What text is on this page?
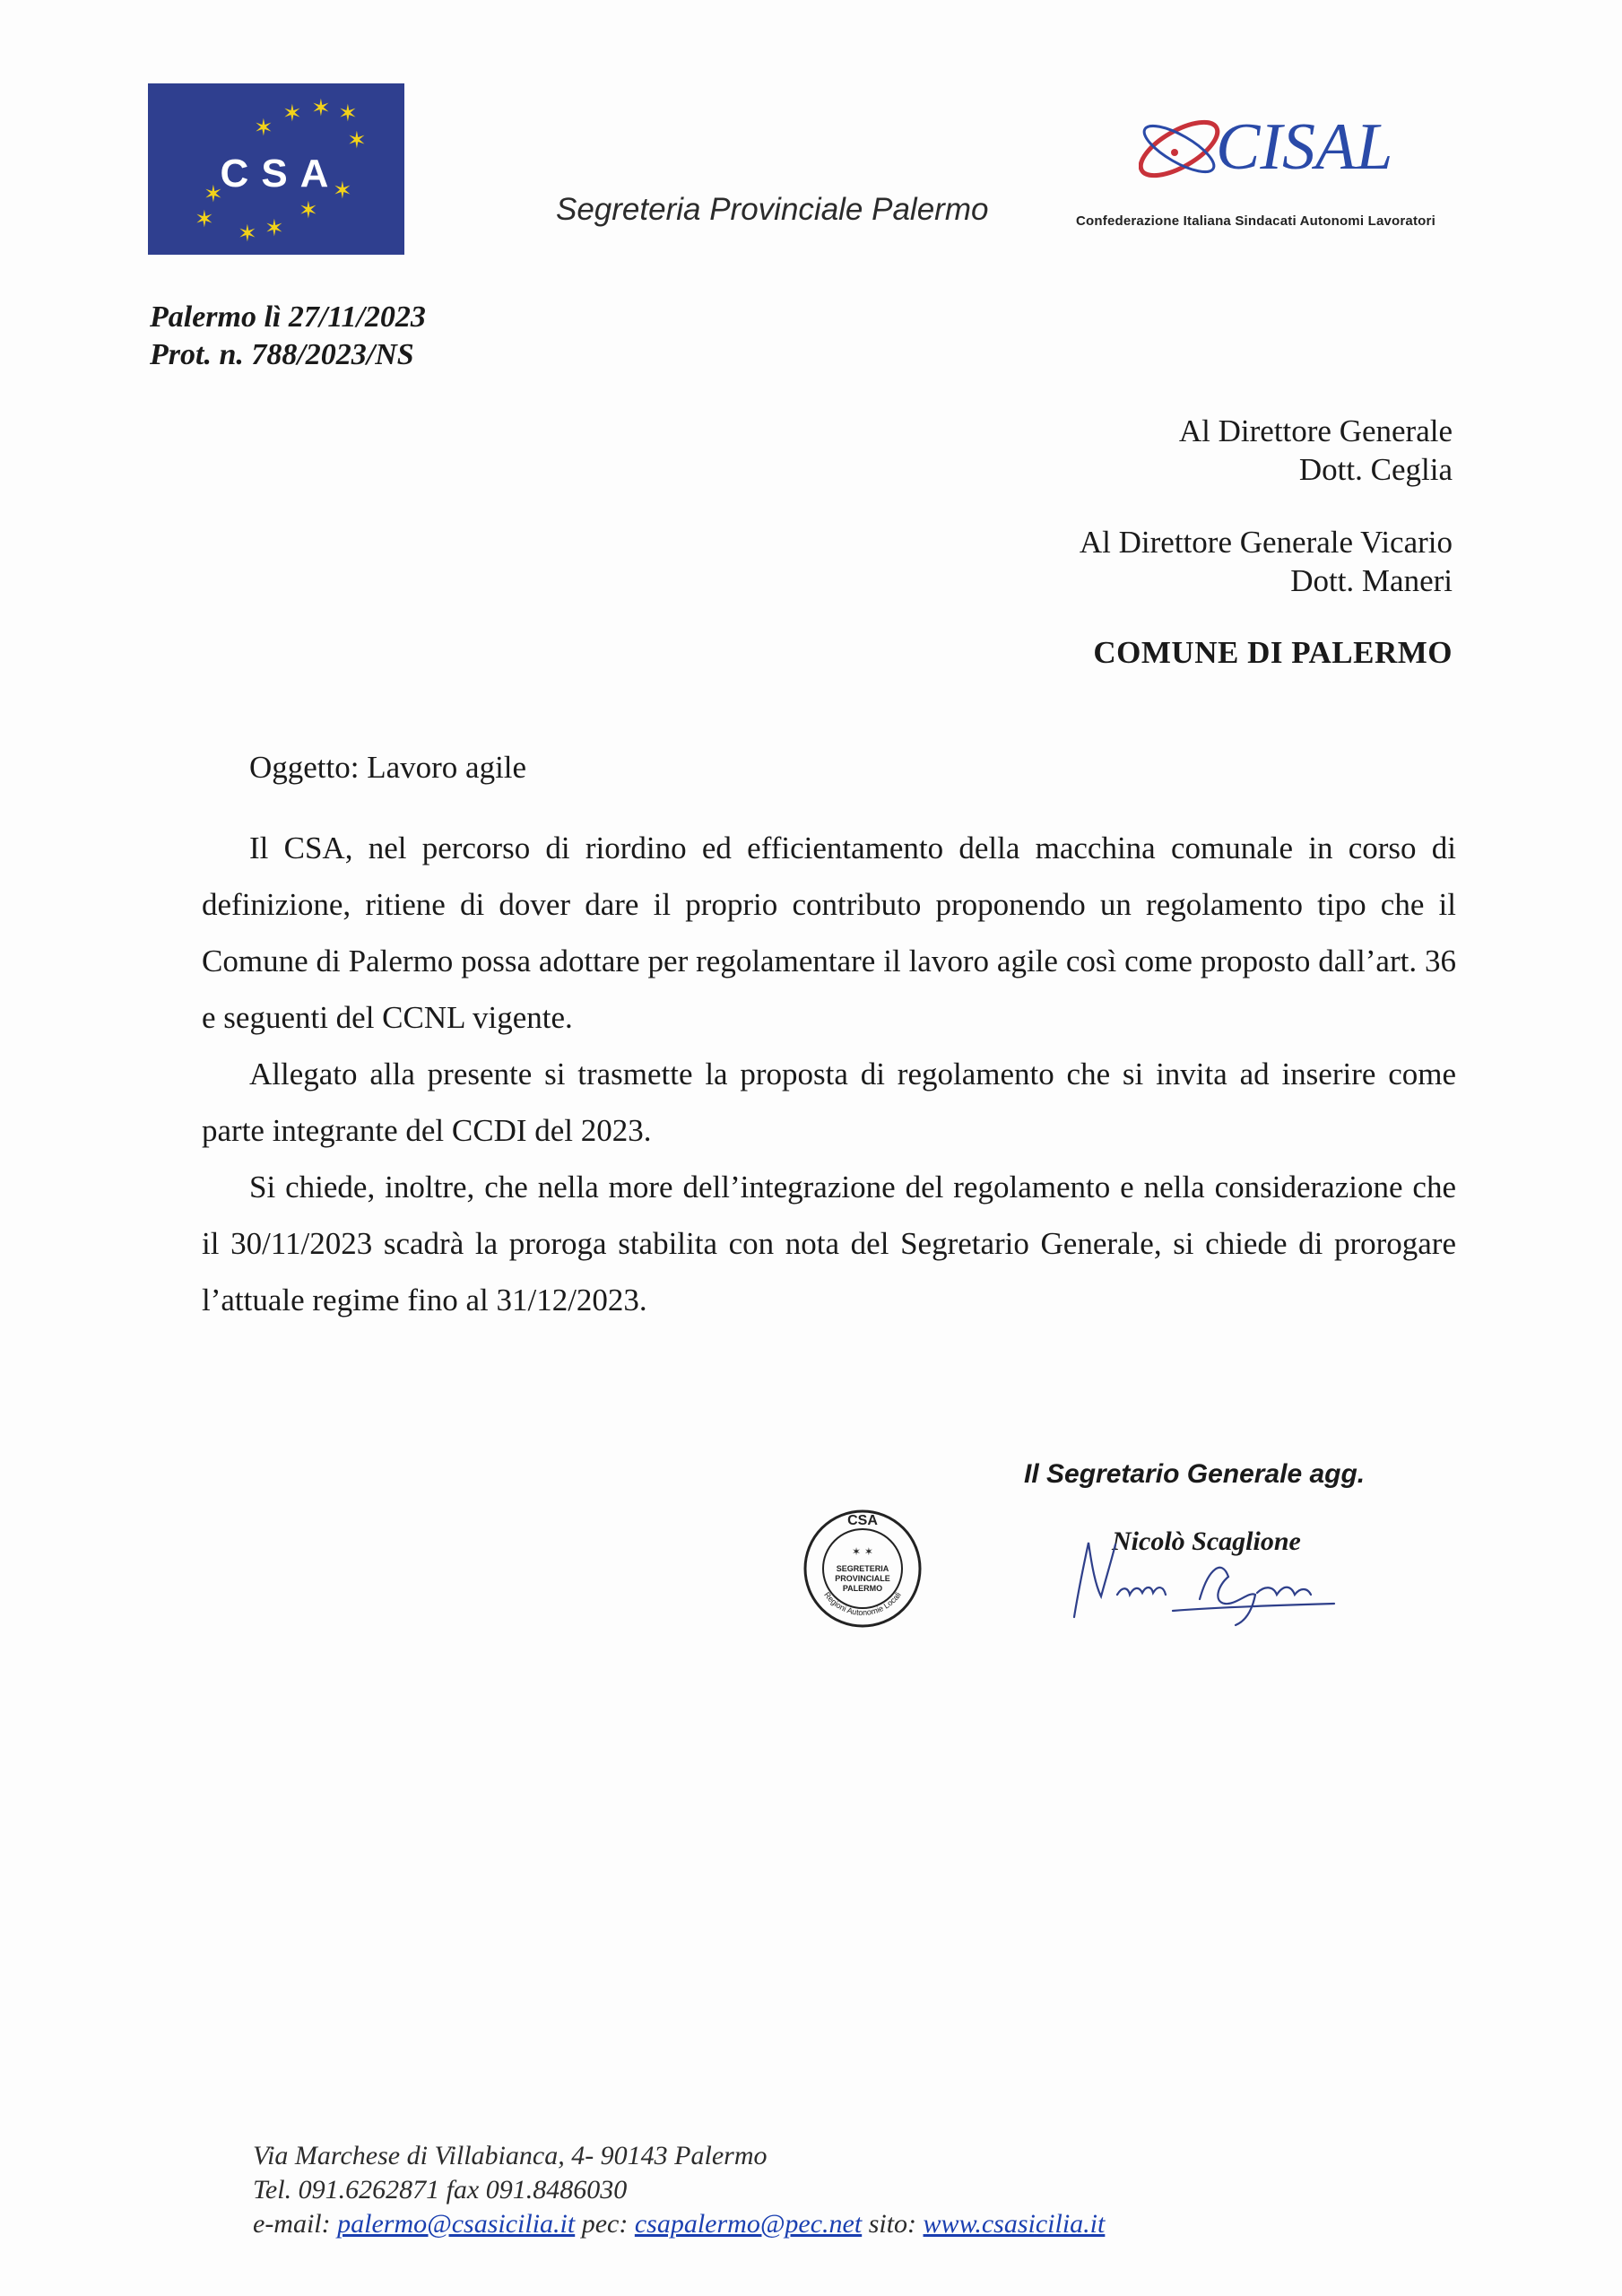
✶
✶ ✶ ✶
✶
✶
✶
✶
✶ ✶
✶
CSA
Segreteria Provinciale Palermo
CISAL
Confederazione Italiana Sindacati Autonomi Lavoratori
Palermo lì 27/11/2023
Prot. n. 788/2023/NS
Al Direttore Generale
Dott. Ceglia
Al Direttore Generale Vicario
Dott. Maneri
COMUNE DI PALERMO
Oggetto: Lavoro agile
Il CSA, nel percorso di riordino ed efficientamento della macchina comunale in corso di definizione, ritiene di dover dare il proprio contributo proponendo un regolamento tipo che il Comune di Palermo possa adottare per regolamentare il lavoro agile così come proposto dall’art. 36 e seguenti del CCNL vigente.
Allegato alla presente si trasmette la proposta di regolamento che si invita ad inserire come parte integrante del CCDI del 2023.
Si chiede, inoltre, che nella more dell’integrazione del regolamento e nella considerazione che il 30/11/2023 scadrà la proroga stabilita con nota del Segretario Generale, si chiede di prorogare l’attuale regime fino al 31/12/2023.
Il Segretario Generale agg.
CSA
Regioni Autonomie Locali
✶ ✶
SEGRETERIA
PROVINCIALE
PALERMO
Nicolò Scaglione
Via Marchese di Villabianca, 4- 90143 Palermo
Tel. 091.6262871 fax 091.8486030
e-mail: palermo@csasicilia.it pec: csapalermo@pec.net sito: www.csasicilia.it
